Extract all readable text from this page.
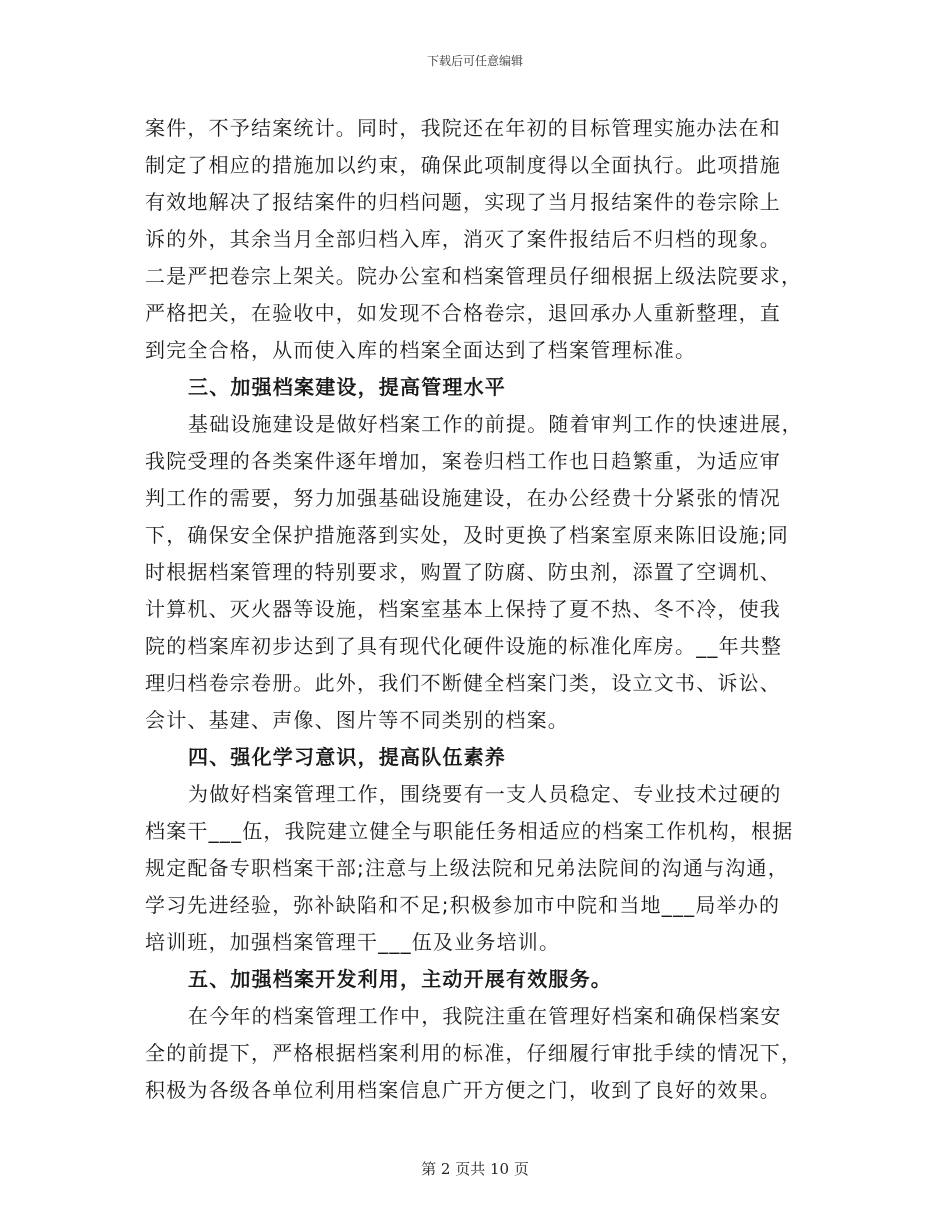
下载后可任意编辑
案件，不予结案统计。同时，我院还在年初的目标管理实施办法在和
制定了相应的措施加以约束，确保此项制度得以全面执行。此项措施
有效地解决了报结案件的归档问题，实现了当月报结案件的卷宗除上
诉的外，其余当月全部归档入库，消灭了案件报结后不归档的现象。
二是严把卷宗上架关。院办公室和档案管理员仔细根据上级法院要求，
严格把关，在验收中，如发现不合格卷宗，退回承办人重新整理，直
到完全合格，从而使入库的档案全面达到了档案管理标准。
三、加强档案建设，提高管理水平
基础设施建设是做好档案工作的前提。随着审判工作的快速进展，
我院受理的各类案件逐年增加，案卷归档工作也日趋繁重，为适应审
判工作的需要，努力加强基础设施建设，在办公经费十分紧张的情况
下，确保安全保护措施落到实处，及时更换了档案室原来陈旧设施;同
时根据档案管理的特别要求，购置了防腐、防虫剂，添置了空调机、
计算机、灭火器等设施，档案室基本上保持了夏不热、冬不冷，使我
院的档案库初步达到了具有现代化硬件设施的标准化库房。__年共整
理归档卷宗卷册。此外，我们不断健全档案门类，设立文书、诉讼、
会计、基建、声像、图片等不同类别的档案。
四、强化学习意识，提高队伍素养
为做好档案管理工作，围绕要有一支人员稳定、专业技术过硬的
档案干___伍，我院建立健全与职能任务相适应的档案工作机构，根据
规定配备专职档案干部;注意与上级法院和兄弟法院间的沟通与沟通，
学习先进经验，弥补缺陷和不足;积极参加市中院和当地___局举办的
培训班，加强档案管理干___伍及业务培训。
五、加强档案开发利用，主动开展有效服务。
在今年的档案管理工作中，我院注重在管理好档案和确保档案安
全的前提下，严格根据档案利用的标准，仔细履行审批手续的情况下，
积极为各级各单位利用档案信息广开方便之门，收到了良好的效果。
第 2 页共 10 页
